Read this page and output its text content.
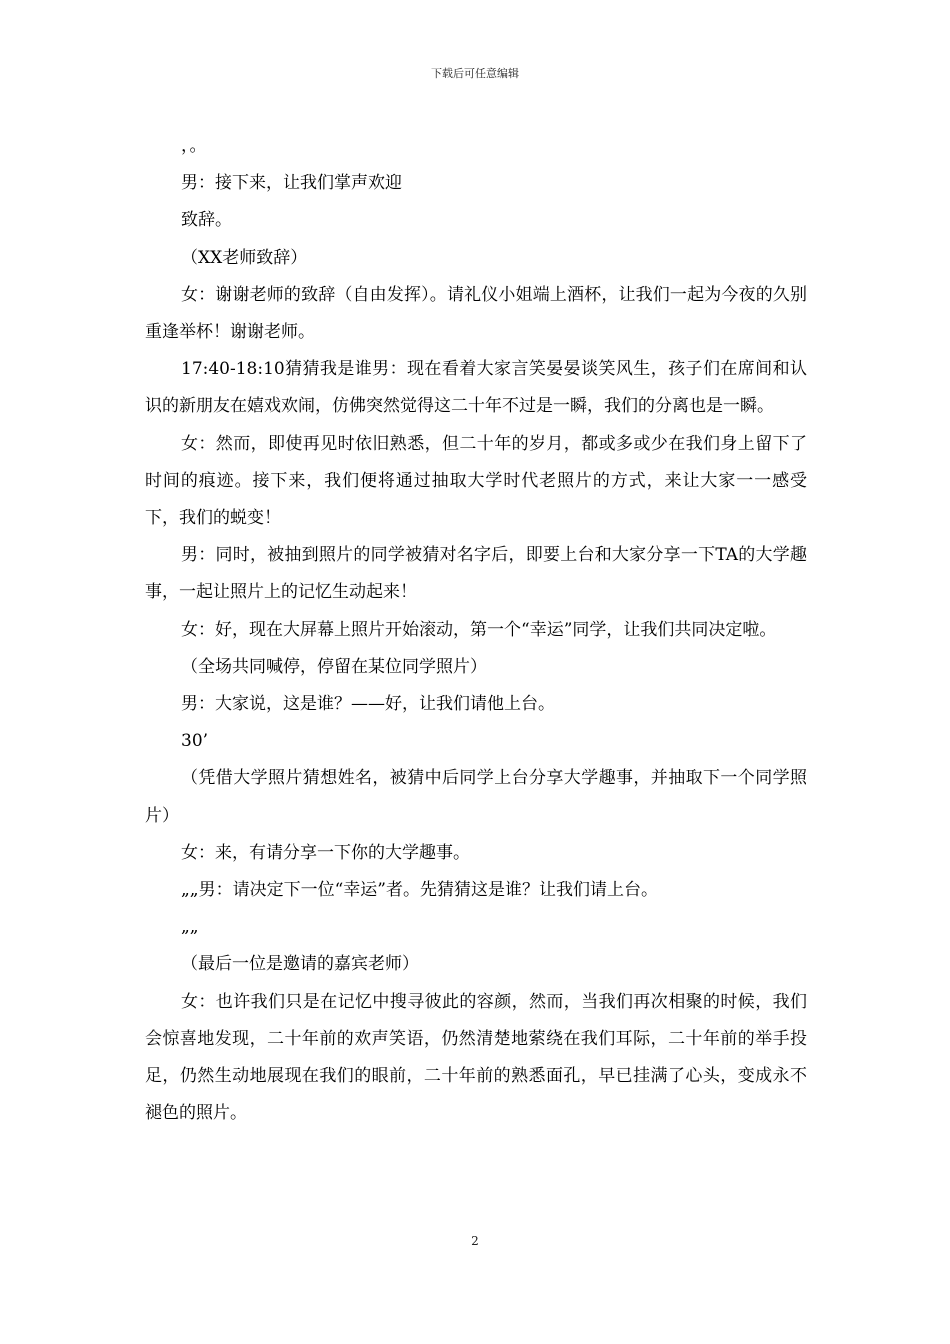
下载后可任意编辑

，。

男：接下来，让我们掌声欢迎

致辞。

（XX老师致辞）

女：谢谢老师的致辞（自由发挥）。请礼仪小姐端上酒杯，让我们一起为今夜的久别重逢举杯！谢谢老师。

17:40-18:10猜猜我是谁男：现在看着大家言笑晏晏谈笑风生，孩子们在席间和认识的新朋友在嬉戏欢闹，仿佛突然觉得这二十年不过是一瞬，我们的分离也是一瞬。

女：然而，即使再见时依旧熟悉，但二十年的岁月，都或多或少在我们身上留下了时间的痕迹。接下来，我们便将通过抽取大学时代老照片的方式，来让大家一一感受下，我们的蜕变！

男：同时，被抽到照片的同学被猜对名字后，即要上台和大家分享一下TA的大学趣事，一起让照片上的记忆生动起来！

女：好，现在大屏幕上照片开始滚动，第一个“幸运”同学，让我们共同决定啦。

（全场共同喊停，停留在某位同学照片）

男：大家说，这是谁？——好，让我们请他上台。

30’

（凭借大学照片猜想姓名，被猜中后同学上台分享大学趣事，并抽取下一个同学照片）

女：来，有请分享一下你的大学趣事。

„„男：请决定下一位“幸运”者。先猜猜这是谁？让我们请上台。

„„

（最后一位是邀请的嘉宾老师）

女：也许我们只是在记忆中搜寻彼此的容颜，然而，当我们再次相聚的时候，我们会惊喜地发现，二十年前的欢声笑语，仍然清楚地萦绕在我们耳际，二十年前的举手投足，仍然生动地展现在我们的眼前，二十年前的熟悉面孔，早已挂满了心头，变成永不褪色的照片。

2
